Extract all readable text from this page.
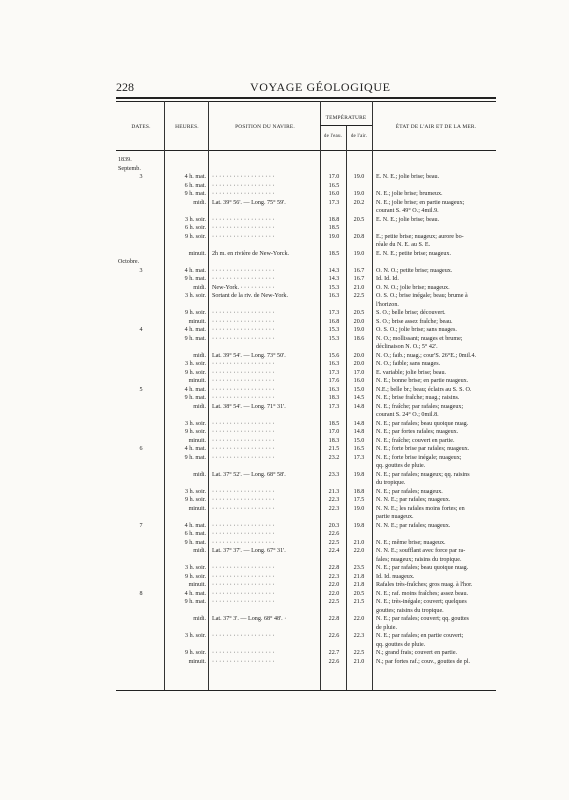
228	VOYAGE GÉOLOGIQUE
DATES.	HEURES.	POSITION DU NAVIRE.
TEMPÉRATURE
de l'eau.	de l'air.
ÉTAT DE L'AIR ET DE LA MER.
1839.
Septemb.
3	4 h. mat. · · · · · · · · · · · · · · · · · ·	17.0	19.0	E. N. E.; jolie brise; beau.
6 h. mat. · · · · · · · · · · · · · · · · · ·	16.5
9 h. mat. · · · · · · · · · · · · · · · · · ·	16.0	19.0	N. E.; jolie brise; brumeux.
midi. Lat. 39° 56'. — Long. 75° 59'.	17.3	20.2	N. E.; jolie brise; en partie nuageux;
courant S. 49° O.; 4mil.9.
3 h. soir. · · · · · · · · · · · · · · · · · ·	18.8	20.5	E. N. E.; jolie brise; beau.
6 h. soir. · · · · · · · · · · · · · · · · · ·	18.5
9 h. soir. · · · · · · · · · · · · · · · · · ·	19.0	20.8	E.; petite brise; nuageux; aurore bo-
réale du N. E. au S. E.
minuit. 2h m. en rivière de New-Yorck.	18.5	19.0	E. N. E.; petite brise; nuageux.
Octobre.
3	4 h. mat. · · · · · · · · · · · · · · · · · ·	14.3	16.7	O. N. O.; petite brise; nuageux.
9 h. mat. · · · · · · · · · · · · · · · · · ·	14.3	16.7	Id. Id. Id.
midi. New-York. · · · · · · · · · ·	15.3	21.0	O. N. O.; jolie brise; nuageux.
3 h. soir. Sortant de la riv. de New-York.	16.3	22.5	O. S. O.; brise inégale; beau; brume à
l'horizon.
9 h. soir. · · · · · · · · · · · · · · · · · ·	17.3	20.5	S. O.; belle brise; découvert.
minuit. · · · · · · · · · · · · · · · · · ·	16.8	20.0	S. O.; brise assez fraîche; beau.
4	4 h. mat. · · · · · · · · · · · · · · · · · ·	15.3	19.0	O. S. O.; jolie brise; sans nuages.
9 h. mat. · · · · · · · · · · · · · · · · · ·	15.3	18.6	N. O.; mollissant; nuages et brume;
déclinaison N. O.; 5° 42'.
midi. Lat. 39° 54'. — Long. 73° 50'.	15.6	20.0	N. O.; faib.; nuag.; cour'S. 26°E.; 0mil.4.
3 h. soir. · · · · · · · · · · · · · · · · · ·	16.3	20.0	N. O.; faible; sans nuages.
9 h. soir. · · · · · · · · · · · · · · · · · ·	17.3	17.0	E. variable; jolie brise; beau.
minuit. · · · · · · · · · · · · · · · · · ·	17.6	16.0	N. E.; bonne brise; en partie nuageux.
5	4 h. mat. · · · · · · · · · · · · · · · · · ·	16.3	15.0	N.E.; belle br.; beau; éclairs au S. S. O.
9 h. mat. · · · · · · · · · · · · · · · · · ·	18.3	14.5	N. E.; brise fraîche; nuag.; raisins.
midi. Lat. 38° 54'. — Long. 71° 31'.	17.3	14.8	N. E.; fraîche; par rafales; nuageux;
courant S. 24° O.; 0mil.8.
3 h. soir. · · · · · · · · · · · · · · · · · ·	18.5	14.8	N. E.; par rafales; beau quoique nuag.
9 h. soir. · · · · · · · · · · · · · · · · · ·	17.0	14.8	N. E.; par fortes rafales; nuageux.
minuit. · · · · · · · · · · · · · · · · · ·	18.3	15.0	N. E.; fraîche; couvert en partie.
6	4 h. mat. · · · · · · · · · · · · · · · · · ·	21.5	16.5	N. E.; forte brise par rafales; nuageux.
9 h. mat. · · · · · · · · · · · · · · · · · ·	23.2	17.3	N. E.; forte brise inégale; nuageux;
qq. gouttes de pluie.
midi. Lat. 37° 52'. — Long. 68° 58'.	23.3	19.8	N. E.; par rafales; nuageux; qq. raisins
du tropique.
3 h. soir. · · · · · · · · · · · · · · · · · ·	21.3	18.8	N. E.; par rafales; nuageux.
9 h. soir. · · · · · · · · · · · · · · · · · ·	22.3	17.5	N. N. E.; par rafales; nuageux.
minuit. · · · · · · · · · · · · · · · · · ·	22.3	19.0	N. N. E.; les rafales moins fortes; en
partie nuageux.
7	4 h. mat. · · · · · · · · · · · · · · · · · ·	20.3	19.8	N. N. E.; par rafales; nuageux.
6 h. mat. · · · · · · · · · · · · · · · · · ·	22.6
9 h. mat. · · · · · · · · · · · · · · · · · ·	22.5	21.0	N. E.; même brise; nuageux.
midi. Lat. 37° 37'. — Long. 67° 31'.	22.4	22.0	N. N. E.; soufflant avec force par ra-
fales; nuageux; raisins du tropique.
3 h. soir. · · · · · · · · · · · · · · · · · ·	22.8	23.5	N. E.; par rafales; beau quoique nuag.
9 h. soir. · · · · · · · · · · · · · · · · · ·	22.3	21.8	Id. Id. nuageux.
minuit. · · · · · · · · · · · · · · · · · ·	22.0	21.8	Rafales très-fraîches; gros nuag. à l'hor.
8	4 h. mat. · · · · · · · · · · · · · · · · · ·	22.0	20.5	N. E.; raf. moins fraîches; assez beau.
9 h. mat. · · · · · · · · · · · · · · · · · ·	22.5	21.5	N. E.; très-inégale; couvert; quelques
gouttes; raisins du tropique.
midi. Lat. 37° 3'. — Long. 68° 48'. ·	22.8	22.0	N. E.; par rafales; couvert; qq. gouttes
de pluie.
3 h. soir. · · · · · · · · · · · · · · · · · ·	22.6	22.3	N. E.; par rafales; en partie couvert;
qq. gouttes de pluie.
9 h. soir. · · · · · · · · · · · · · · · · · ·	22.7	22.5	N.; grand frais; couvert en partie.
minuit. · · · · · · · · · · · · · · · · · ·	22.6	21.0	N.; par fortes raf.; couv., gouttes de pl.
